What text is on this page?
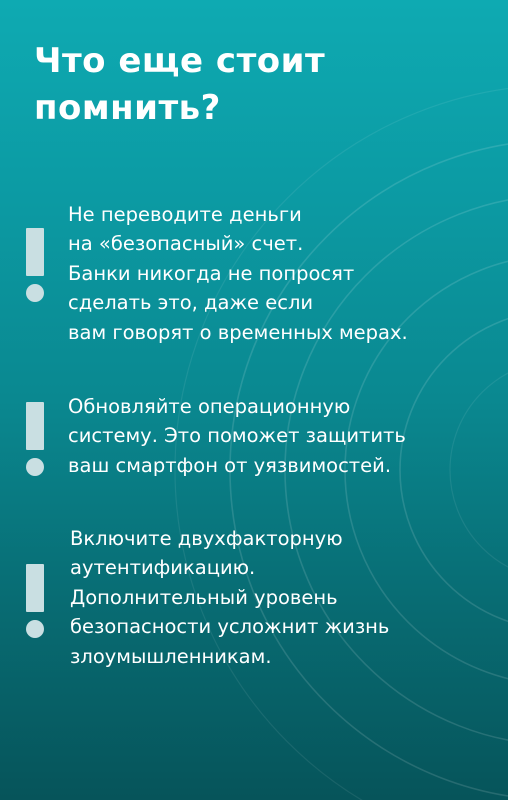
Что еще стоит помнить?

Не переводите деньги
на «безопасный» счет.
Банки никогда не попросят
сделать это, даже если
вам говорят о временных мерах.

Обновляйте операционную
систему. Это поможет защитить
ваш смартфон от уязвимостей.

Включите двухфакторную
аутентификацию.
Дополнительный уровень
безопасности усложнит жизнь
злоумышленникам.
